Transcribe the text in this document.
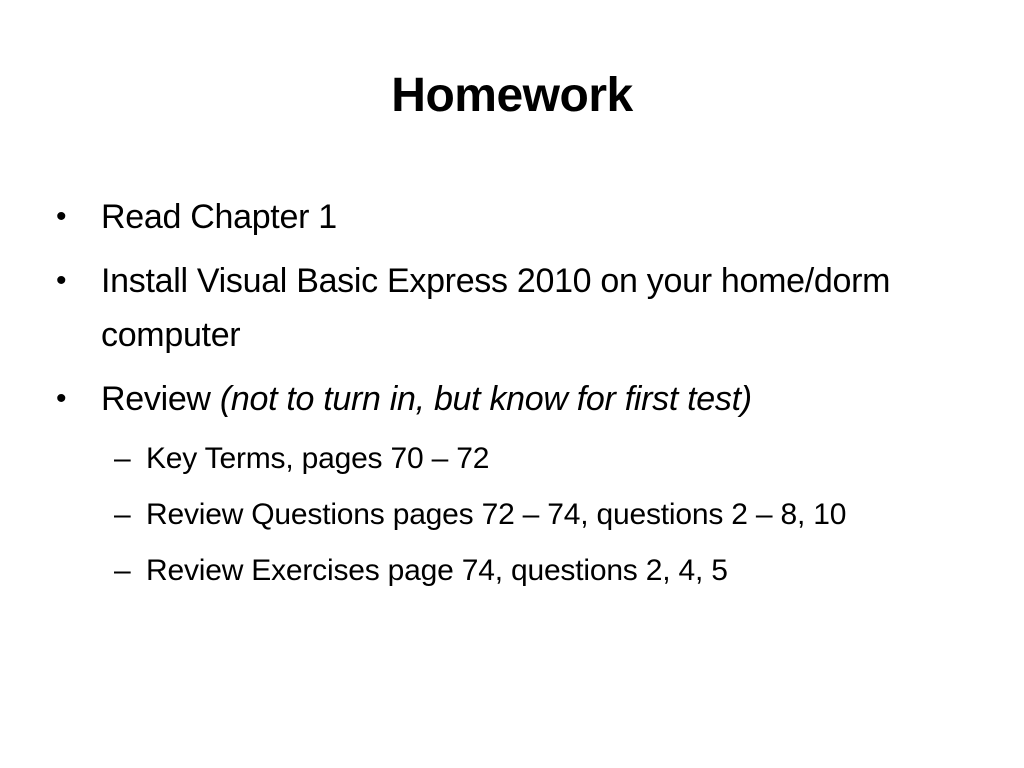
Homework
•	Read Chapter 1
•	Install Visual Basic Express 2010 on your home/dorm computer
•	Review (not to turn in, but know for first test)
– Key Terms, pages 70 – 72
– Review Questions pages 72 – 74, questions 2 – 8, 10
– Review Exercises page 74, questions 2, 4, 5
